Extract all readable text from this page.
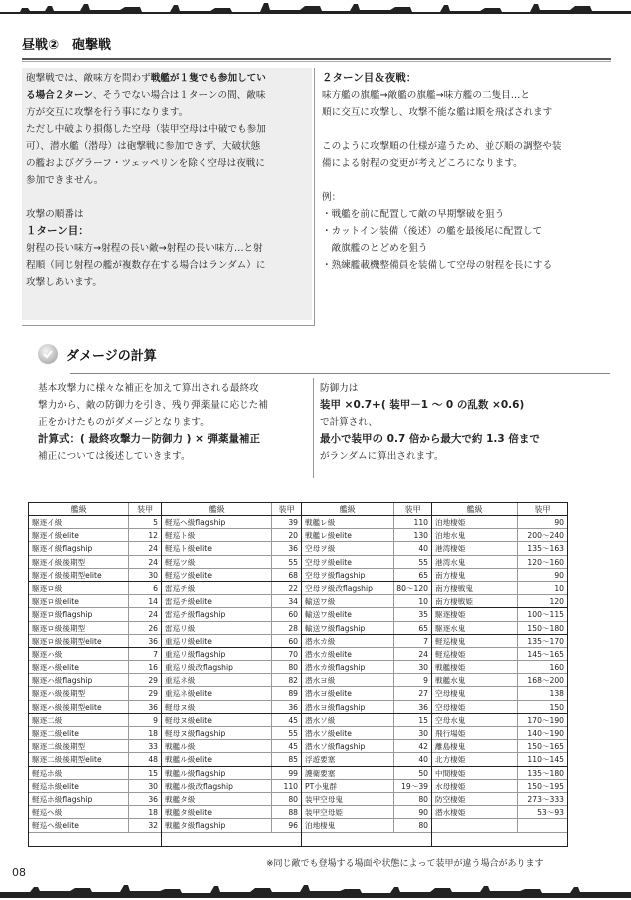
昼戦②　砲撃戦
砲撃戦では、敵味方を問わず戦艦が１隻でも参加してい
る場合２ターン、そうでない場合は１ターンの間、敵味
方が交互に攻撃を行う事になります。
ただし中破より損傷した空母（装甲空母は中破でも参加
可）、潜水艦（潜母）は砲撃戦に参加できず、大破状態
の艦およびグラーフ・ツェッペリンを除く空母は夜戦に
参加できません。
攻撃の順番は
１ターン目：
射程の長い味方→射程の長い敵→射程の長い味方…と射
程順（同じ射程の艦が複数存在する場合はランダム）に
攻撃しあいます。
２ターン目＆夜戦：
味方艦の旗艦→敵艦の旗艦→味方艦の二隻目…と
順に交互に攻撃し、攻撃不能な艦は順を飛ばされます
このように攻撃順の仕様が違うため、並び順の調整や装
備による射程の変更が考えどころになります。
例：
・戦艦を前に配置して敵の早期撃破を狙う
・カットイン装備（後述）の艦を最後尾に配置して
　敵旗艦のとどめを狙う
・熟練艦載機整備員を装備して空母の射程を長にする
ダメージの計算
基本攻撃力に様々な補正を加えて算出される最終攻
撃力から、敵の防御力を引き、残り弾薬量に応じた補
正をかけたものがダメージとなります。
計算式：( 最終攻撃力－防御力 ) × 弾薬量補正
補正については後述していきます。
防御力は
装甲 ×0.7+( 装甲－1 ～ 0 の乱数 ×0.6)
で計算され、
最小で装甲の 0.7 倍から最大で約 1.3 倍まで
がランダムに算出されます。
艦級	装甲
駆逐イ級	5
駆逐イ級elite	12
駆逐イ級flagship	24
駆逐イ級後期型	24
駆逐イ級後期型elite	30
駆逐ロ級	6
駆逐ロ級elite	14
駆逐ロ級flagship	24
駆逐ロ級後期型	26
駆逐ロ級後期型elite	36
駆逐ハ級	7
駆逐ハ級elite	16
駆逐ハ級flagship	29
駆逐ハ級後期型	29
駆逐ハ級後期型elite	36
駆逐二級	9
駆逐二級elite	18
駆逐二級後期型	33
駆逐二級後期型elite	48
軽巡ホ級	15
軽巡ホ級elite	30
軽巡ホ級flagship	36
軽巡ヘ級	18
軽巡ヘ級elite	32
艦級	装甲
軽巡ヘ級flagship	39
軽巡ト級	20
軽巡ト級elite	36
軽巡ツ級	55
軽巡ツ級elite	68
雷巡チ級	22
雷巡チ級elite	34
雷巡チ級flagship	60
雷巡リ級	28
重巡リ級elite	60
重巡リ級flagship	70
重巡リ級改flagship	80
重巡ネ級	82
重巡ネ級elite	89
軽母ヌ級	36
軽母ヌ級elite	45
軽母ヌ級flagship	55
戦艦ル級	45
戦艦ル級elite	85
戦艦ル級flagship	99
戦艦ル級改flagship	110
戦艦タ級	80
戦艦タ級elite	88
戦艦タ級flagship	96
艦級	装甲
戦艦レ級	110
戦艦レ級elite	130
空母ヲ級	40
空母ヲ級elite	55
空母ヲ級flagship	65
空母ヲ級改flagship	80～120
輸送ワ級	10
輸送ワ級elite	35
輸送ワ級flagship	65
潜水カ級	7
潜水カ級elite	24
潜水カ級flagship	30
潜水ヨ級	9
潜水ヨ級elite	27
潜水ヨ級flagship	36
潜水ソ級	15
潜水ソ級elite	30
潜水ソ級flagship	42
浮遊要塞	40
護衛要塞	50
PT小鬼群	19～39
装甲空母鬼	80
装甲空母姫	90
泊地棲鬼	80
艦級	装甲
泊地棲姫	90
泊地水鬼	200～240
港湾棲姫	135～163
港湾水鬼	120～160
南方棲鬼	90
南方棲戦鬼	10
南方棲戦姫	120
駆逐棲姫	100～115
駆逐水鬼	150～180
軽巡棲鬼	135～170
軽巡棲姫	145～165
戦艦棲姫	160
戦艦水鬼	168～200
空母棲鬼	138
空母棲姫	150
空母水鬼	170～190
飛行場姫	140～190
離島棲鬼	150～165
北方棲姫	110～145
中間棲姫	135～180
水母棲姫	150～195
防空棲姫	273～333
潜水棲姫	53～93
※同じ敵でも登場する場面や状態によって装甲が違う場合があります
08
